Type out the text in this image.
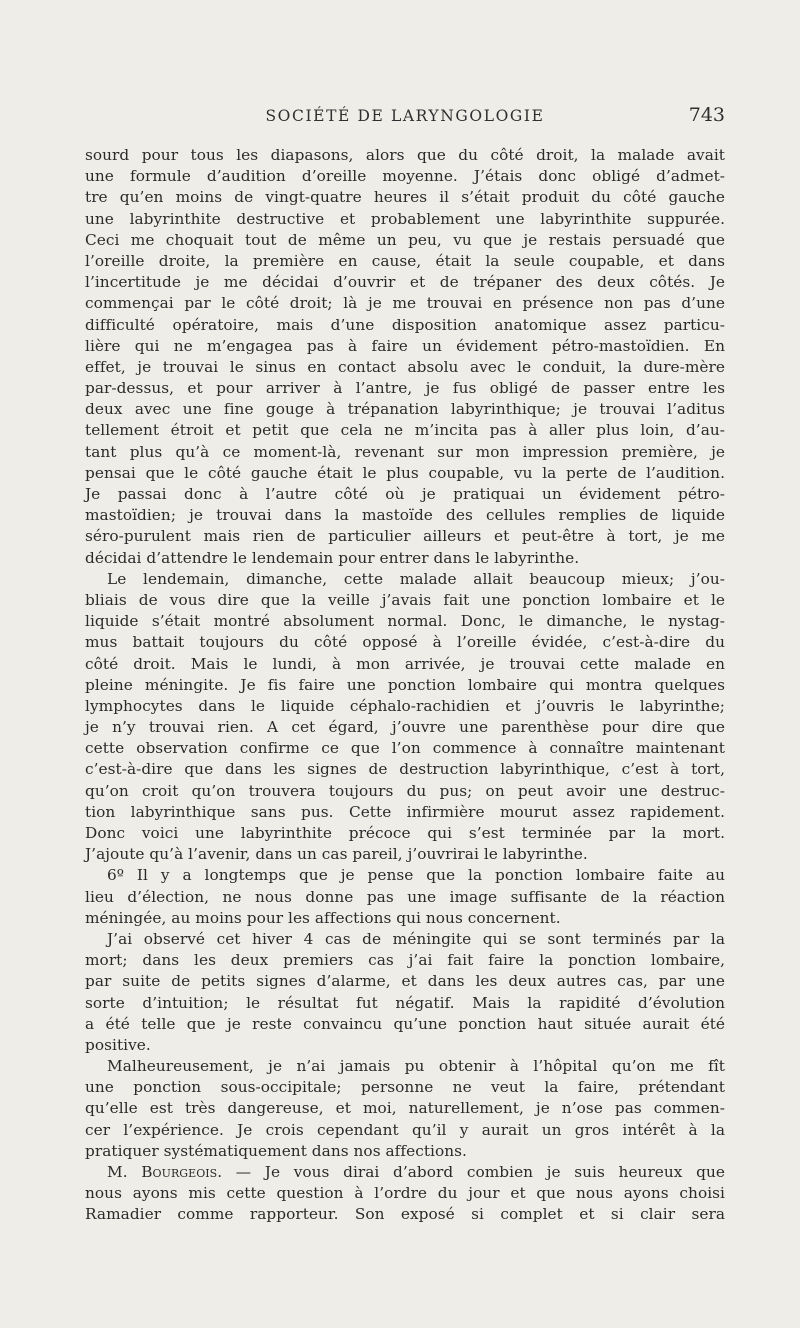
SOCIÉTÉ DE LARYNGOLOGIE	743
sourd pour tous les diapasons, alors que du côté droit, la malade avait
une formule d’audition d’oreille moyenne. J’étais donc obligé d’admet-
tre qu’en moins de vingt-quatre heures il s’était produit du côté gauche
une labyrinthite destructive et probablement une labyrinthite suppurée.
Ceci me choquait tout de même un peu, vu que je restais persuadé que
l’oreille droite, la première en cause, était la seule coupable, et dans
l’incertitude je me décidai d’ouvrir et de trépaner des deux côtés. Je
commençai par le côté droit; là je me trouvai en présence non pas d’une
difficulté opératoire, mais d’une disposition anatomique assez particu-
lière qui ne m’engagea pas à faire un évidement pétro-mastoïdien. En
effet, je trouvai le sinus en contact absolu avec le conduit, la dure-mère
par-dessus, et pour arriver à l’antre, je fus obligé de passer entre les
deux avec une fine gouge à trépanation labyrinthique; je trouvai l’aditus
tellement étroit et petit que cela ne m’incita pas à aller plus loin, d’au-
tant plus qu’à ce moment-là, revenant sur mon impression première, je
pensai que le côté gauche était le plus coupable, vu la perte de l’audition.
Je passai donc à l’autre côté où je pratiquai un évidement pétro-
mastoïdien; je trouvai dans la mastoïde des cellules remplies de liquide
séro-purulent mais rien de particulier ailleurs et peut-être à tort, je me
décidai d’attendre le lendemain pour entrer dans le labyrinthe.
Le lendemain, dimanche, cette malade allait beaucoup mieux; j’ou-
bliais de vous dire que la veille j’avais fait une ponction lombaire et le
liquide s’était montré absolument normal. Donc, le dimanche, le nystag-
mus battait toujours du côté opposé à l’oreille évidée, c’est-à-dire du
côté droit. Mais le lundi, à mon arrivée, je trouvai cette malade en
pleine méningite. Je fis faire une ponction lombaire qui montra quelques
lymphocytes dans le liquide céphalo-rachidien et j’ouvris le labyrinthe;
je n’y trouvai rien. A cet égard, j’ouvre une parenthèse pour dire que
cette observation confirme ce que l’on commence à connaître maintenant
c’est-à-dire que dans les signes de destruction labyrinthique, c’est à tort,
qu’on croit qu’on trouvera toujours du pus; on peut avoir une destruc-
tion labyrinthique sans pus. Cette infirmière mourut assez rapidement.
Donc voici une labyrinthite précoce qui s’est terminée par la mort.
J’ajoute qu’à l’avenir, dans un cas pareil, j’ouvrirai le labyrinthe.
6º Il y a longtemps que je pense que la ponction lombaire faite au
lieu d’élection, ne nous donne pas une image suffisante de la réaction
méningée, au moins pour les affections qui nous concernent.
J’ai observé cet hiver 4 cas de méningite qui se sont terminés par la
mort; dans les deux premiers cas j’ai fait faire la ponction lombaire,
par suite de petits signes d’alarme, et dans les deux autres cas, par une
sorte d’intuition; le résultat fut négatif. Mais la rapidité d’évolution
a été telle que je reste convaincu qu’une ponction haut située aurait été
positive.
Malheureusement, je n’ai jamais pu obtenir à l’hôpital qu’on me fît
une ponction sous-occipitale; personne ne veut la faire, prétendant
qu’elle est très dangereuse, et moi, naturellement, je n’ose pas commen-
cer l’expérience. Je crois cependant qu’il y aurait un gros intérêt à la
pratiquer systématiquement dans nos affections.
M. Bourgeois. — Je vous dirai d’abord combien je suis heureux que
nous ayons mis cette question à l’ordre du jour et que nous ayons choisi
Ramadier comme rapporteur. Son exposé si complet et si clair sera
